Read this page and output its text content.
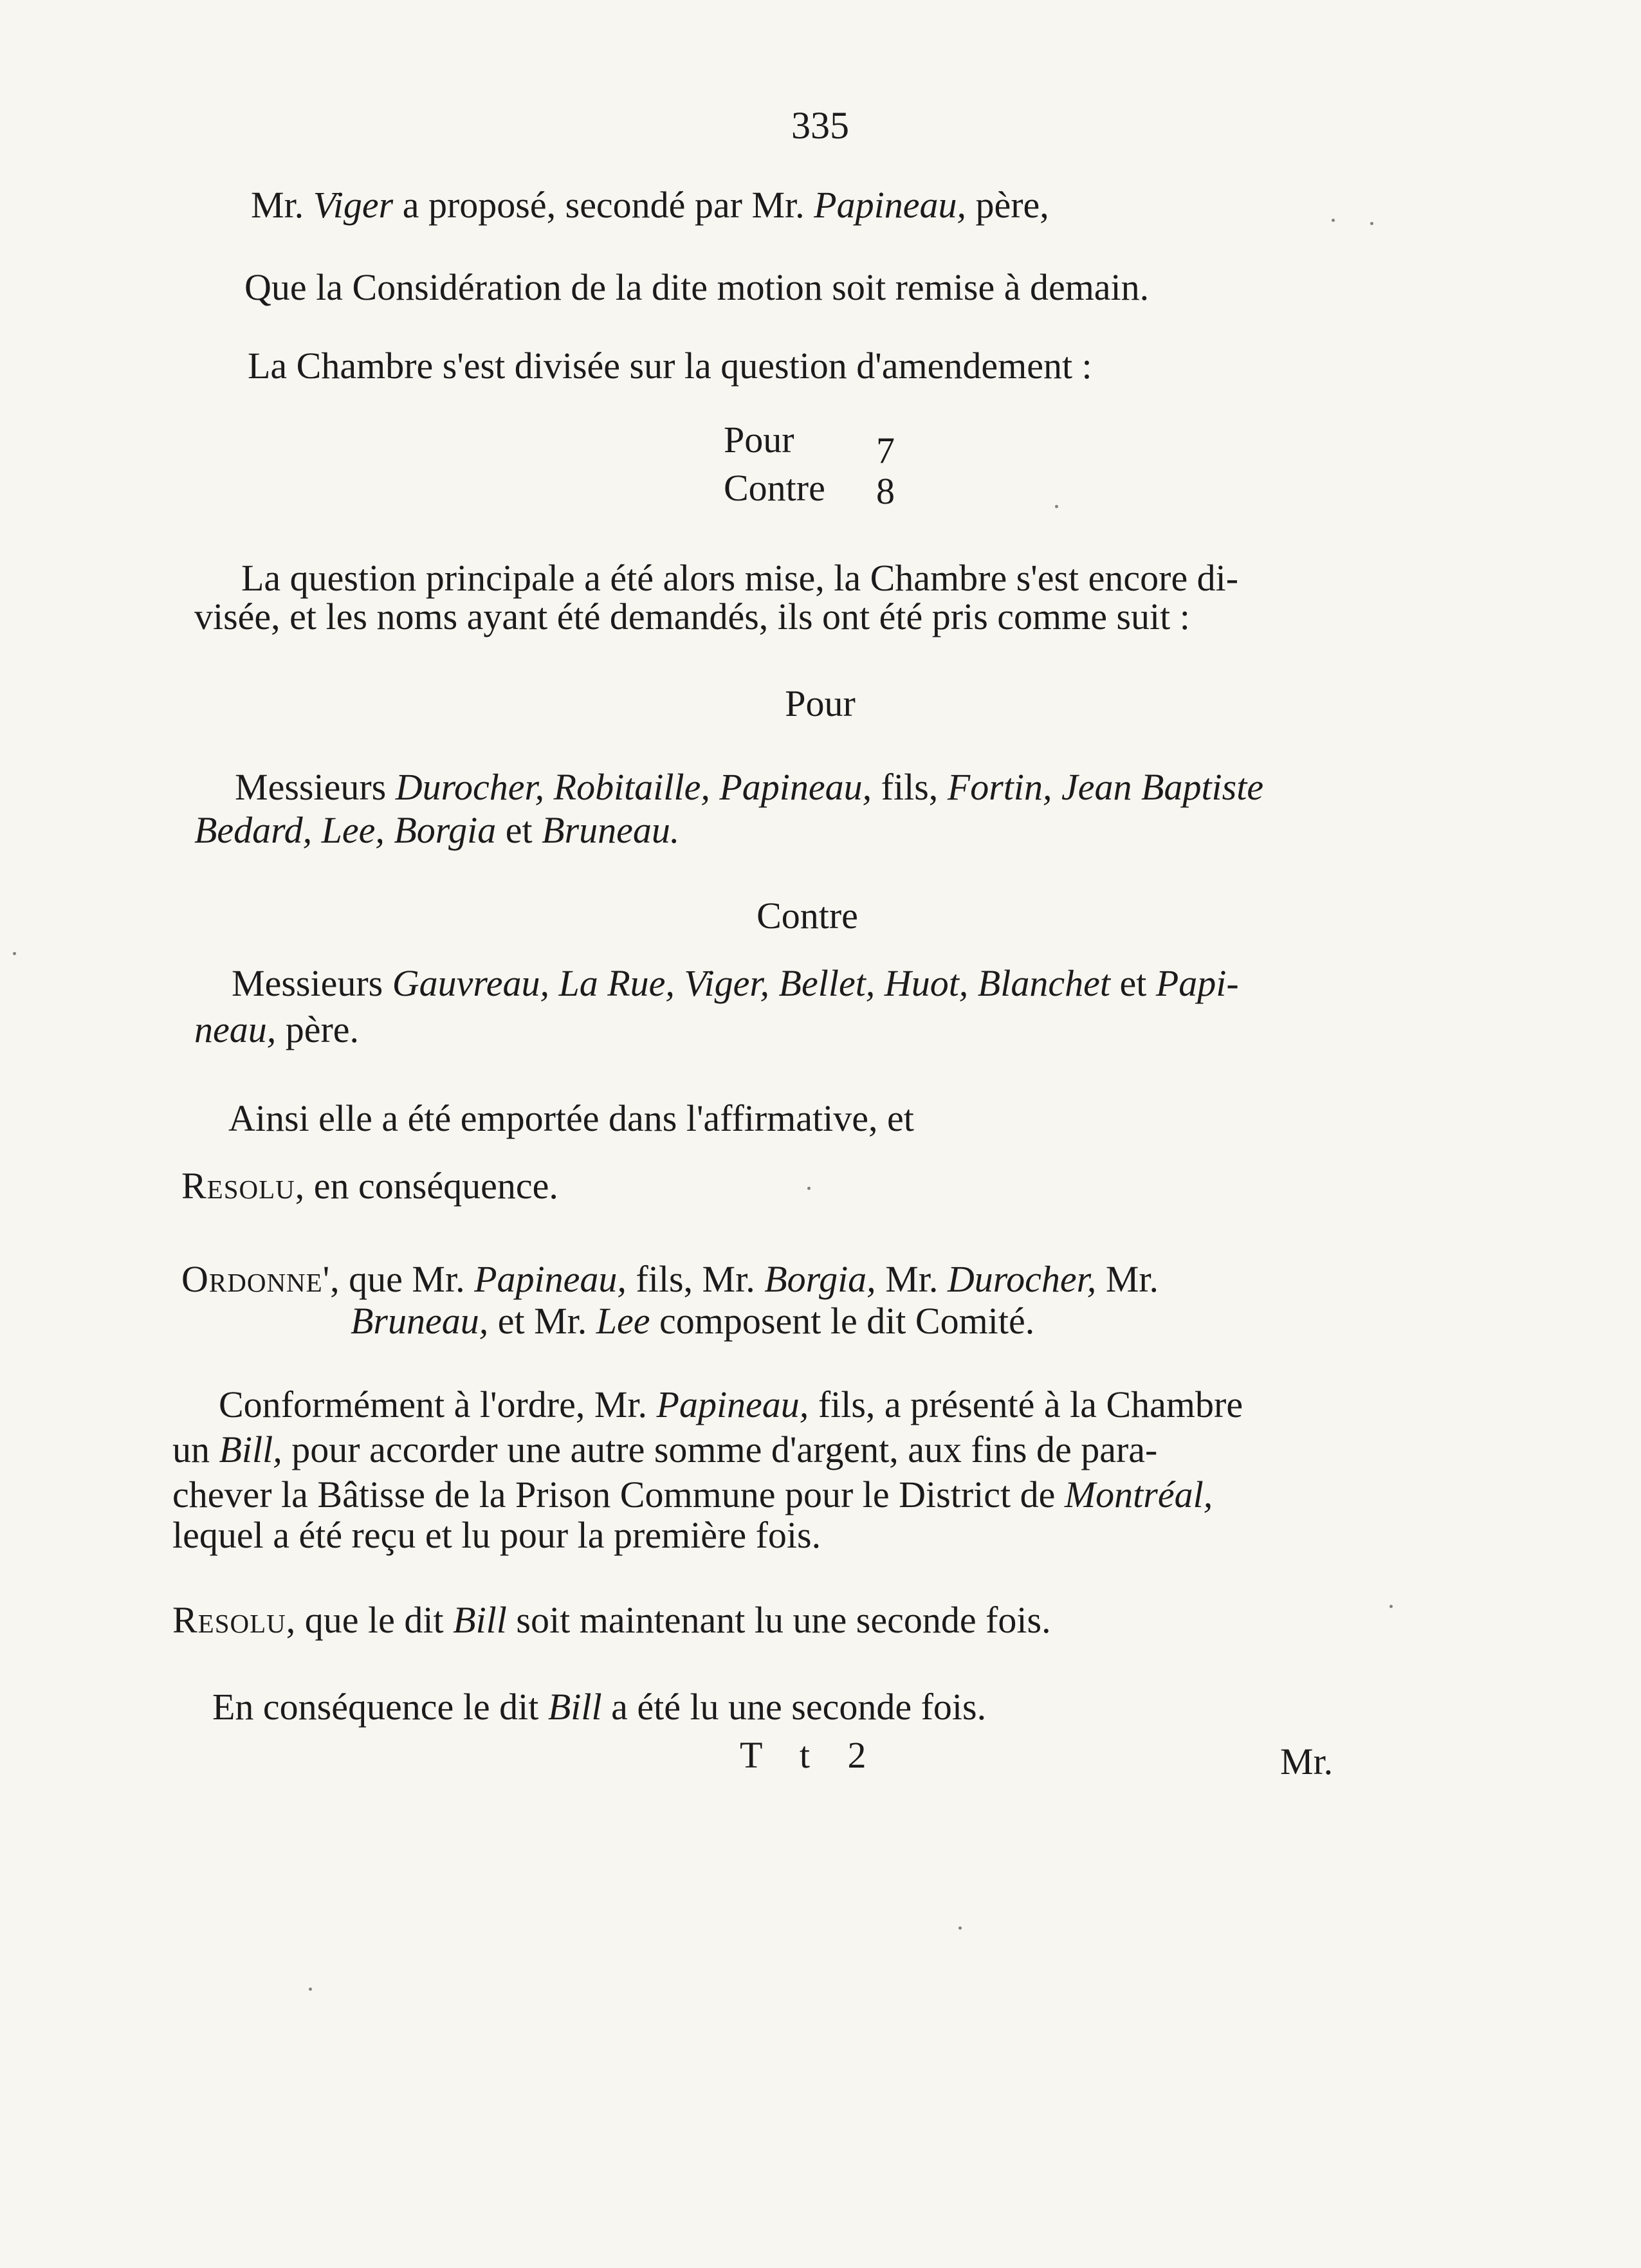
335
Mr. Viger a proposé, secondé par Mr. Papineau, père,
Que la Considération de la dite motion soit remise à demain.
La Chambre s'est divisée sur la question d'amendement :
Pour 7
Contre 8
La question principale a été alors mise, la Chambre s'est encore di-
visée, et les noms ayant été demandés, ils ont été pris comme suit :
Pour
Messieurs Durocher, Robitaille, Papineau, fils, Fortin, Jean Baptiste
Bedard, Lee, Borgia et Bruneau.
Contre
Messieurs Gauvreau, La Rue, Viger, Bellet, Huot, Blanchet et Papi-
neau, père.
Ainsi elle a été emportée dans l'affirmative, et
Resolu, en conséquence.
Ordonne', que Mr. Papineau, fils, Mr. Borgia, Mr. Durocher, Mr.
Bruneau, et Mr. Lee composent le dit Comité.
Conformément à l'ordre, Mr. Papineau, fils, a présenté à la Chambre
un Bill, pour accorder une autre somme d'argent, aux fins de para-
chever la Bâtisse de la Prison Commune pour le District de Montréal,
lequel a été reçu et lu pour la première fois.
Resolu, que le dit Bill soit maintenant lu une seconde fois.
En conséquence le dit Bill a été lu une seconde fois.
T t 2	Mr.
